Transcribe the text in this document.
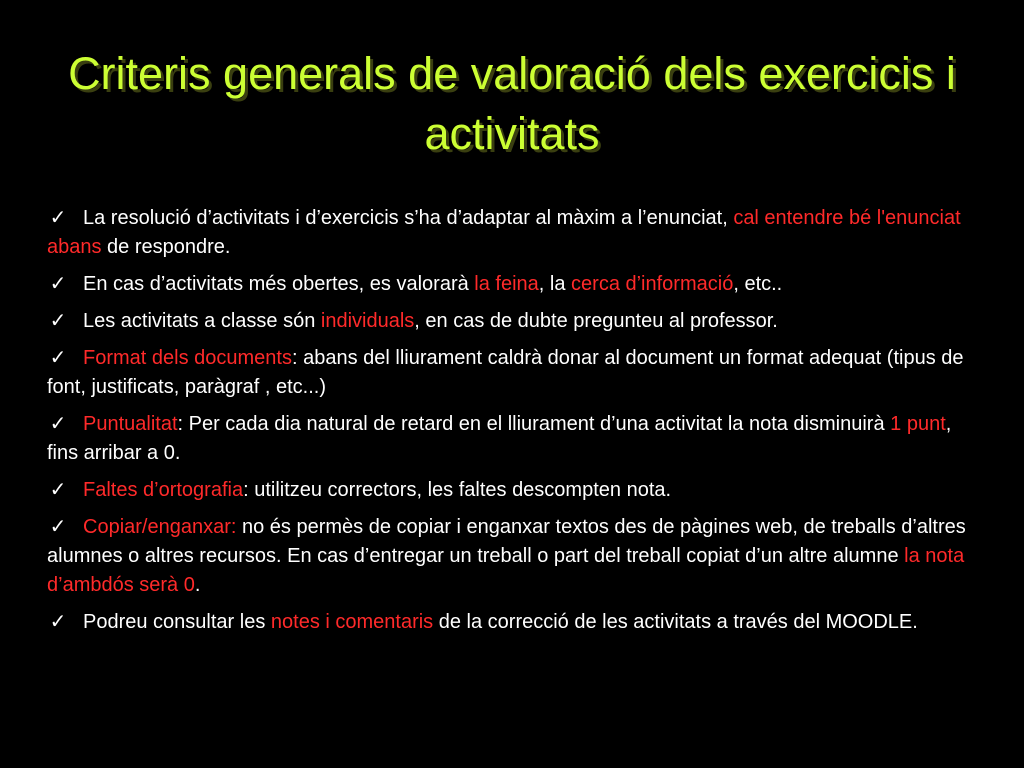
Criteris generals de valoració dels exercicis i activitats
✓ La resolució d’activitats i d’exercicis s’ha d’adaptar al màxim a l’enunciat, cal entendre bé l'enunciat abans de respondre.
✓ En cas d’activitats més obertes, es valorarà la feina, la cerca d’informació, etc..
✓ Les activitats a classe són individuals, en cas de dubte pregunteu al professor.
✓ Format dels documents: abans del lliurament caldrà donar al document un format adequat (tipus de font, justificats, paràgraf , etc...)
✓ Puntualitat: Per cada dia natural de retard en el lliurament d’una activitat la nota disminuirà 1 punt, fins arribar a 0.
✓ Faltes d’ortografia: utilitzeu correctors, les faltes descompten nota.
✓ Copiar/enganxar: no és permès de copiar i enganxar textos des de pàgines web, de treballs d’altres alumnes o altres recursos. En cas d’entregar un treball o part del treball copiat d’un altre alumne la nota d’ambdós serà 0.
✓ Podreu consultar les notes i comentaris de la correcció de les activitats a través del MOODLE.
